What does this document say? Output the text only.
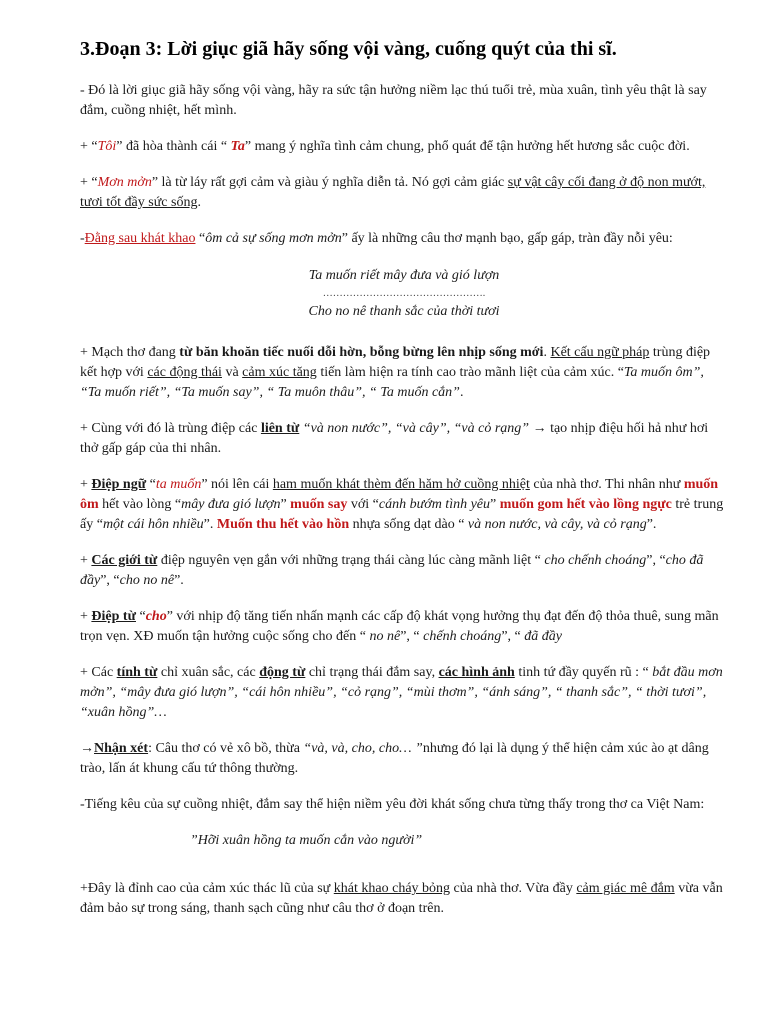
3.Đoạn 3: Lời giục giã hãy sống vội vàng, cuống quýt của thi sĩ.

- Đó là lời giục giã hãy sống vội vàng, hãy ra sức tận hưởng niềm lạc thú tuổi trẻ, mùa xuân, tình yêu thật là say đắm, cuồng nhiệt, hết mình.

+ “Tôi” đã hòa thành cái “ Ta” mang ý nghĩa tình cảm chung, phổ quát để tận hưởng hết hương sắc cuộc đời.

+ “Mơn mởn” là từ láy rất gợi cảm và giàu ý nghĩa diễn tả. Nó gợi cảm giác sự vật cây cối đang ở độ non mướt, tươi tốt đầy sức sống.

-Đằng sau khát khao “ôm cả sự sống mơn mởn” ấy là những câu thơ mạnh bạo, gấp gáp, tràn đầy nỗi yêu:

Ta muốn riết mây đưa và gió lượn

………………………………………….

Cho no nê thanh sắc của thời tươi

+ Mạch thơ đang từ băn khoăn tiếc nuối dỗi hờn, bỗng bừng lên nhịp sống mới. Kết cấu ngữ pháp trùng điệp kết hợp với các động thái và cảm xúc tăng tiến làm hiện ra tính cao trào mãnh liệt của cảm xúc. “Ta muốn ôm”, “Ta muốn riết”, “Ta muốn say”, “ Ta muôn thâu”, “ Ta muốn cắn”.

+ Cùng với đó là trùng điệp các liên từ “và non nước”, “và cây”, “và cỏ rạng” → tạo nhịp điệu hối hả như hơi thở gấp gáp của thi nhân.

+ Điệp ngữ “ta muốn” nói lên cái ham muốn khát thèm đến hăm hở cuồng nhiệt của nhà thơ. Thi nhân như muốn ôm hết vào lòng “mây đưa gió lượn” muốn say với “cánh bướm tình yêu” muốn gom hết vào lồng ngực trẻ trung ấy “một cái hôn nhiều”. Muốn thu hết vào hồn nhựa sống dạt dào “ và non nước, và cây, và cỏ rạng”.

+ Các giới từ điệp nguyên vẹn gắn với những trạng thái càng lúc càng mãnh liệt “ cho chếnh choáng”, “cho đã đầy”, “cho no nê”.

+ Điệp từ “cho” với nhịp độ tăng tiến nhấn mạnh các cấp độ khát vọng hưởng thụ đạt đến độ thỏa thuê, sung mãn trọn vẹn. XĐ muốn tận hưởng cuộc sống cho đến “ no nê”, “ chếnh choáng”, “ đã đầy

+ Các tính từ chỉ xuân sắc, các động từ chỉ trạng thái đắm say, các hình ảnh tinh tứ đầy quyến rũ : “ bắt đầu mơn mởn”, “mây đưa gió lượn”, “cái hôn nhiều”, “cỏ rạng”, “mùi thơm”, “ánh sáng”, “ thanh sắc”, “ thời tươi”, “xuân hồng”…

→Nhận xét: Câu thơ có vẻ xô bồ, thừa “và, và, cho, cho… ”nhưng đó lại là dụng ý thể hiện cảm xúc ào ạt dâng trào, lấn át khung cấu tứ thông thường.

-Tiếng kêu của sự cuồng nhiệt, đắm say thể hiện niềm yêu đời khát sống chưa từng thấy trong thơ ca Việt Nam:

”Hỡi xuân hồng ta muốn cắn vào người”

+Đây là đỉnh cao của cảm xúc thác lũ của sự khát khao cháy bỏng của nhà thơ. Vừa đầy cảm giác mê đắm vừa vẫn đảm bảo sự trong sáng, thanh sạch cũng như câu thơ ở đoạn trên.
